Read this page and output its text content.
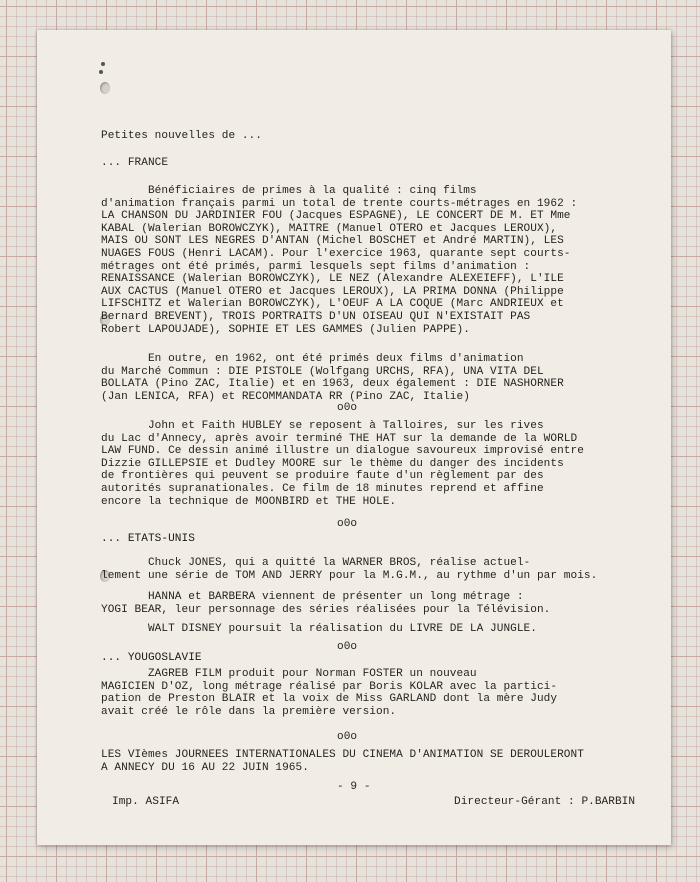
Petites nouvelles de ...

... FRANCE

Bénéficiaires de primes à la qualité : cinq films
d'animation français parmi un total de trente courts-métrages en 1962 :
LA CHANSON DU JARDINIER FOU (Jacques ESPAGNE), LE CONCERT DE M. ET Mme
KABAL (Walerian BOROWCZYK), MAITRE (Manuel OTERO et Jacques LEROUX),
MAIS OU SONT LES NEGRES D'ANTAN (Michel BOSCHET et André MARTIN), LES
NUAGES FOUS (Henri LACAM). Pour l'exercice 1963, quarante sept courts-
métrages ont été primés, parmi lesquels sept films d'animation :
RENAISSANCE (Walerian BOROWCZYK), LE NEZ (Alexandre ALEXEIEFF), L'ILE
AUX CACTUS (Manuel OTERO et Jacques LEROUX), LA PRIMA DONNA (Philippe
LIFSCHITZ et Walerian BOROWCZYK), L'OEUF A LA COQUE (Marc ANDRIEUX et
Bernard BREVENT), TROIS PORTRAITS D'UN OISEAU QUI N'EXISTAIT PAS
Robert LAPOUJADE), SOPHIE ET LES GAMMES (Julien PAPPE).

En outre, en 1962, ont été primés deux films d'animation
du Marché Commun : DIE PISTOLE (Wolfgang URCHS, RFA), UNA VITA DEL
BOLLATA (Pino ZAC, Italie) et en 1963, deux également : DIE NASHORNER
(Jan LENICA, RFA) et RECOMMANDATA RR (Pino ZAC, Italie)

o0o

John et Faith HUBLEY se reposent à Talloires, sur les rives
du Lac d'Annecy, après avoir terminé THE HAT sur la demande de la WORLD
LAW FUND. Ce dessin animé illustre un dialogue savoureux improvisé entre
Dizzie GILLEPSIE et Dudley MOORE sur le thème du danger des incidents
de frontières qui peuvent se produire faute d'un règlement par des
autorités supranationales. Ce film de 18 minutes reprend et affine
encore la technique de MOONBIRD et THE HOLE.

o0o

... ETATS-UNIS

Chuck JONES, qui a quitté la WARNER BROS, réalise actuel-
lement une série de TOM AND JERRY pour la M.G.M., au rythme d'un par mois.

HANNA et BARBERA viennent de présenter un long métrage :
YOGI BEAR, leur personnage des séries réalisées pour la Télévision.

WALT DISNEY poursuit la réalisation du LIVRE DE LA JUNGLE.

o0o

... YOUGOSLAVIE

ZAGREB FILM produit pour Norman FOSTER un nouveau
MAGICIEN D'OZ, long métrage réalisé par Boris KOLAR avec la partici-
pation de Preston BLAIR et la voix de Miss GARLAND dont la mère Judy
avait créé le rôle dans la première version.

o0o

LES VIèmes JOURNEES INTERNATIONALES DU CINEMA D'ANIMATION SE DEROULERONT
A ANNECY DU 16 AU 22 JUIN 1965.

- 9 -

Imp. ASIFA	Directeur-Gérant : P.BARBIN
